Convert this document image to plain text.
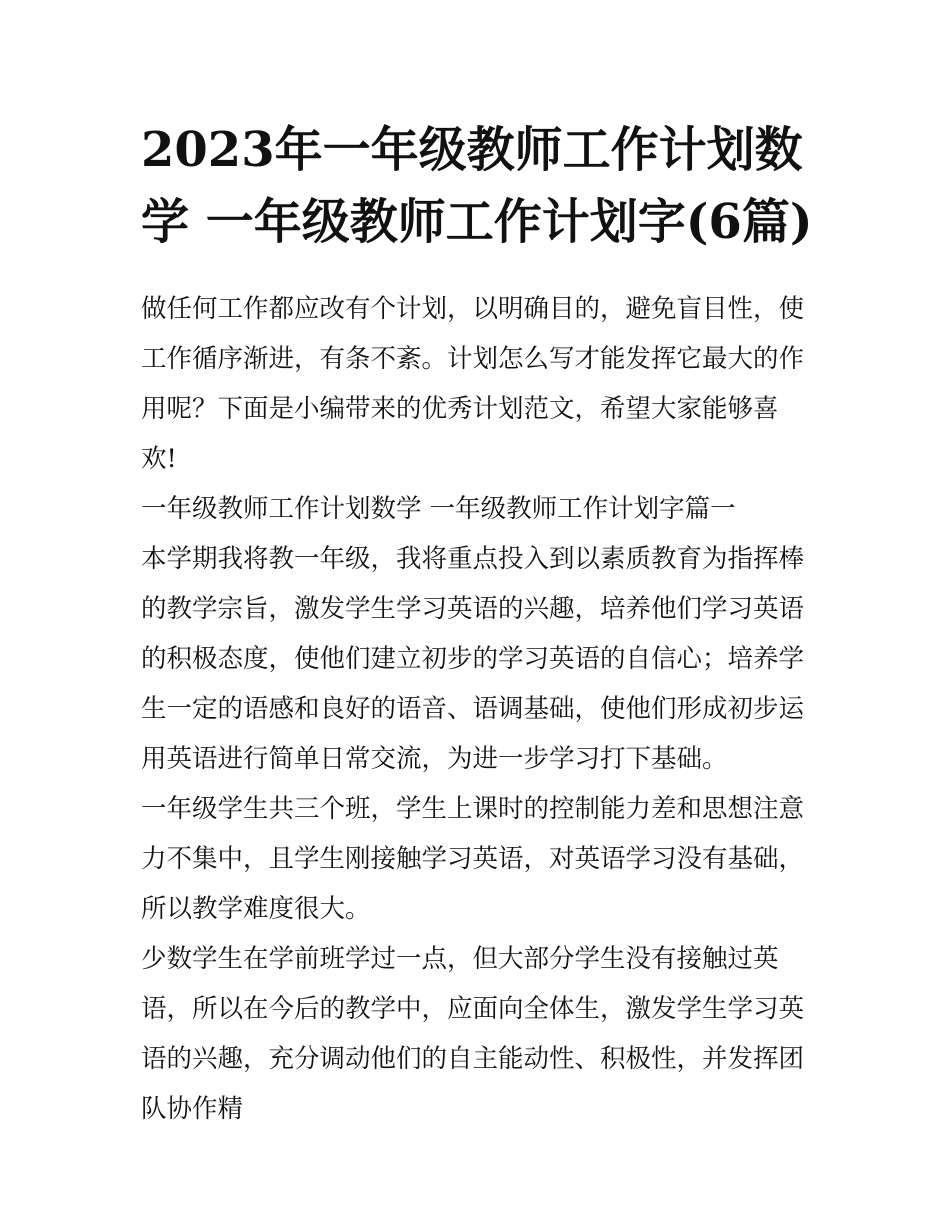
2023年一年级教师工作计划数学 一年级教师工作计划字(6篇)

做任何工作都应改有个计划，以明确目的，避免盲目性，使工作循序渐进，有条不紊。计划怎么写才能发挥它最大的作用呢？下面是小编带来的优秀计划范文，希望大家能够喜欢!

一年级教师工作计划数学 一年级教师工作计划字篇一

本学期我将教一年级，我将重点投入到以素质教育为指挥棒的教学宗旨，激发学生学习英语的兴趣，培养他们学习英语的积极态度，使他们建立初步的学习英语的自信心；培养学生一定的语感和良好的语音、语调基础，使他们形成初步运用英语进行简单日常交流，为进一步学习打下基础。

一年级学生共三个班，学生上课时的控制能力差和思想注意力不集中，且学生刚接触学习英语，对英语学习没有基础，所以教学难度很大。

少数学生在学前班学过一点，但大部分学生没有接触过英语，所以在今后的教学中，应面向全体生，激发学生学习英语的兴趣，充分调动他们的自主能动性、积极性，并发挥团队协作精
